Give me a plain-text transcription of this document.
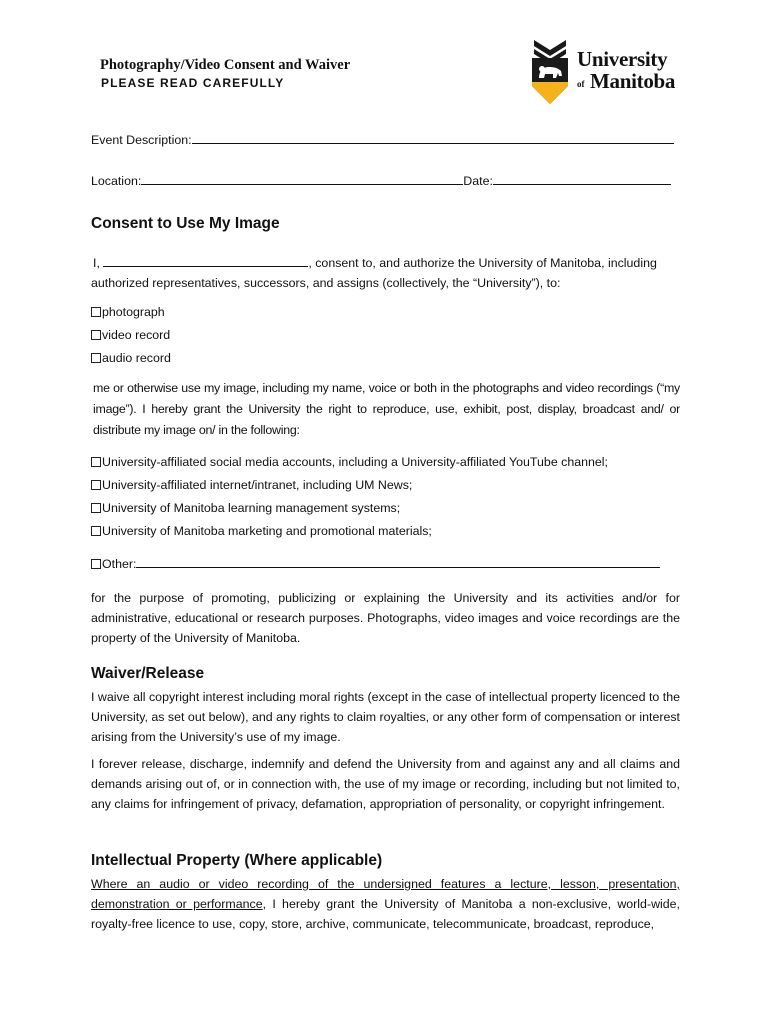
Photography/Video Consent and Waiver
PLEASE READ CAREFULLY
University
of Manitoba
Event Description:
Location:	Date:
Consent to Use My Image
I,	, consent to, and authorize the University of Manitoba, including
authorized representatives, successors, and assigns (collectively, the “University”), to:
photograph
video record
audio record
me or otherwise use my image, including my name, voice or both in the photographs and video recordings (“my image”). I hereby grant the University the right to reproduce, use, exhibit, post, display, broadcast and/ or distribute my image on/ in the following:
University-affiliated social media accounts, including a University-affiliated YouTube channel;
University-affiliated internet/intranet, including UM News;
University of Manitoba learning management systems;
University of Manitoba marketing and promotional materials;
Other:
for the purpose of promoting, publicizing or explaining the University and its activities and/or for administrative, educational or research purposes. Photographs, video images and voice recordings are the property of the University of Manitoba.
Waiver/Release
I waive all copyright interest including moral rights (except in the case of intellectual property licenced to the University, as set out below), and any rights to claim royalties, or any other form of compensation or interest arising from the University’s use of my image.
I forever release, discharge, indemnify and defend the University from and against any and all claims and demands arising out of, or in connection with, the use of my image or recording, including but not limited to, any claims for infringement of privacy, defamation, appropriation of personality, or copyright infringement.
Intellectual Property (Where applicable)
Where an audio or video recording of the undersigned features a lecture, lesson, presentation, demonstration or performance, I hereby grant the University of Manitoba a non-exclusive, world-wide, royalty-free licence to use, copy, store, archive, communicate, telecommunicate, broadcast, reproduce,
